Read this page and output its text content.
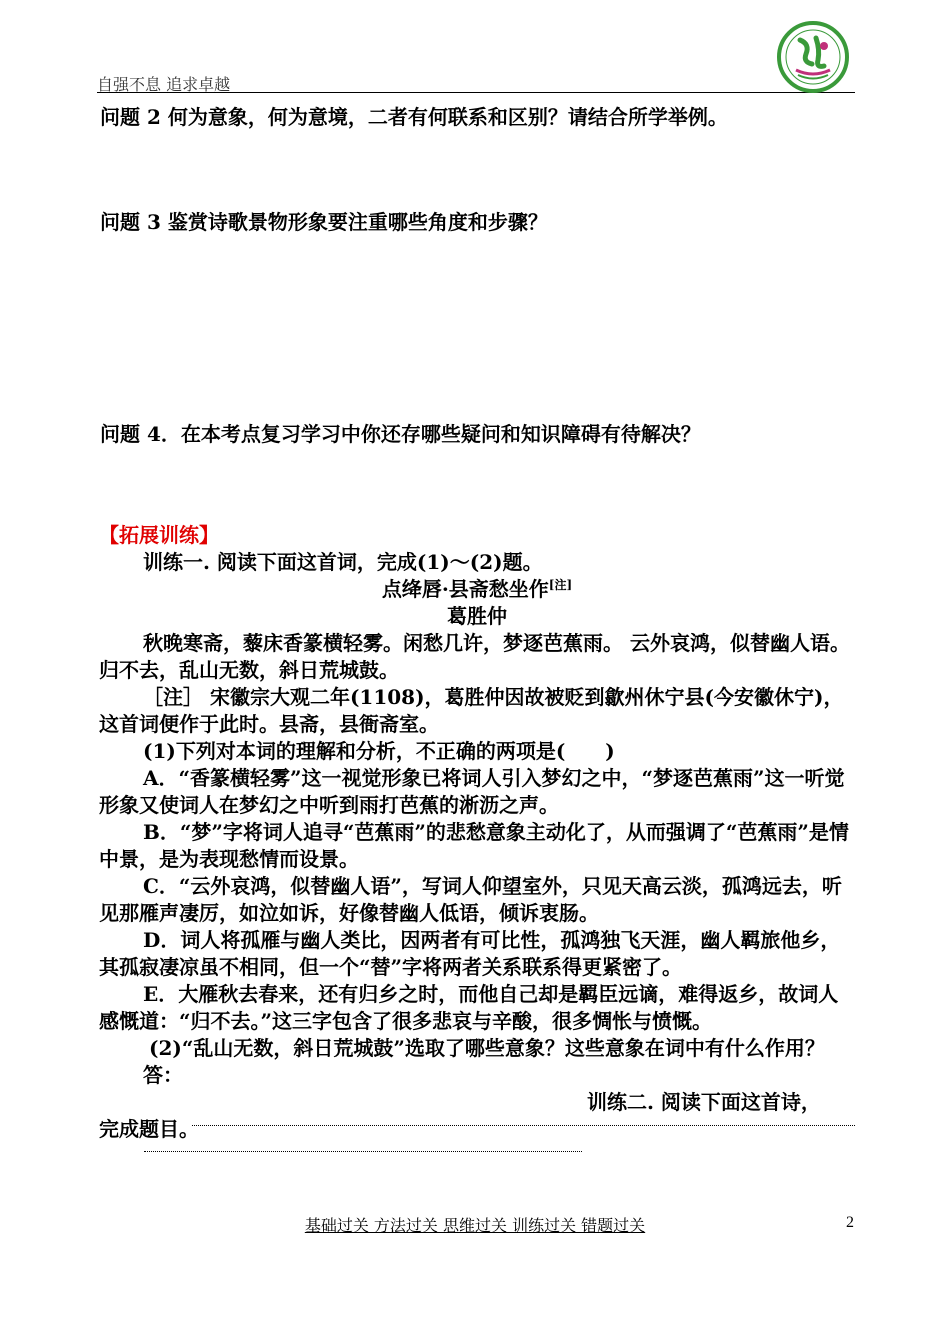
自强不息 追求卓越
问题 2 何为意象，何为意境，二者有何联系和区别？请结合所学举例。
问题 3 鉴赏诗歌景物形象要注重哪些角度和步骤？
问题 4．在本考点复习学习中你还存哪些疑问和知识障碍有待解决？
【拓展训练】
训练一. 阅读下面这首词，完成(1)～(2)题。
点绛唇·县斋愁坐作[注]
葛胜仲
秋晚寒斋，藜床香篆横轻雾。闲愁几许，梦逐芭蕉雨。 云外哀鸿，似替幽人语。归不去，乱山无数，斜日荒城鼓。
［注］ 宋徽宗大观二年(1108)，葛胜仲因故被贬到歙州休宁县(今安徽休宁)，这首词便作于此时。县斋，县衙斋室。
(1)下列对本词的理解和分析，不正确的两项是(　　)
A．“香篆横轻雾”这一视觉形象已将词人引入梦幻之中，“梦逐芭蕉雨”这一听觉形象又使词人在梦幻之中听到雨打芭蕉的淅沥之声。
B．“梦”字将词人追寻“芭蕉雨”的悲愁意象主动化了，从而强调了“芭蕉雨”是情中景，是为表现愁情而设景。
C．“云外哀鸿，似替幽人语”，写词人仰望室外，只见天高云淡，孤鸿远去，听见那雁声凄厉，如泣如诉，好像替幽人低语，倾诉衷肠。
D．词人将孤雁与幽人类比，因两者有可比性，孤鸿独飞天涯，幽人羁旅他乡，其孤寂凄凉虽不相同，但一个“替”字将两者关系联系得更紧密了。
E．大雁秋去春来，还有归乡之时，而他自己却是羁臣远谪，难得返乡，故词人感慨道：“归不去。”这三字包含了很多悲哀与辛酸，很多惆怅与愤慨。
(2)“乱山无数，斜日荒城鼓”选取了哪些意象？这些意象在词中有什么作用？
答：
训练二. 阅读下面这首诗，
完成题目。
基础过关 方法过关 思维过关 训练过关 错题过关	2
